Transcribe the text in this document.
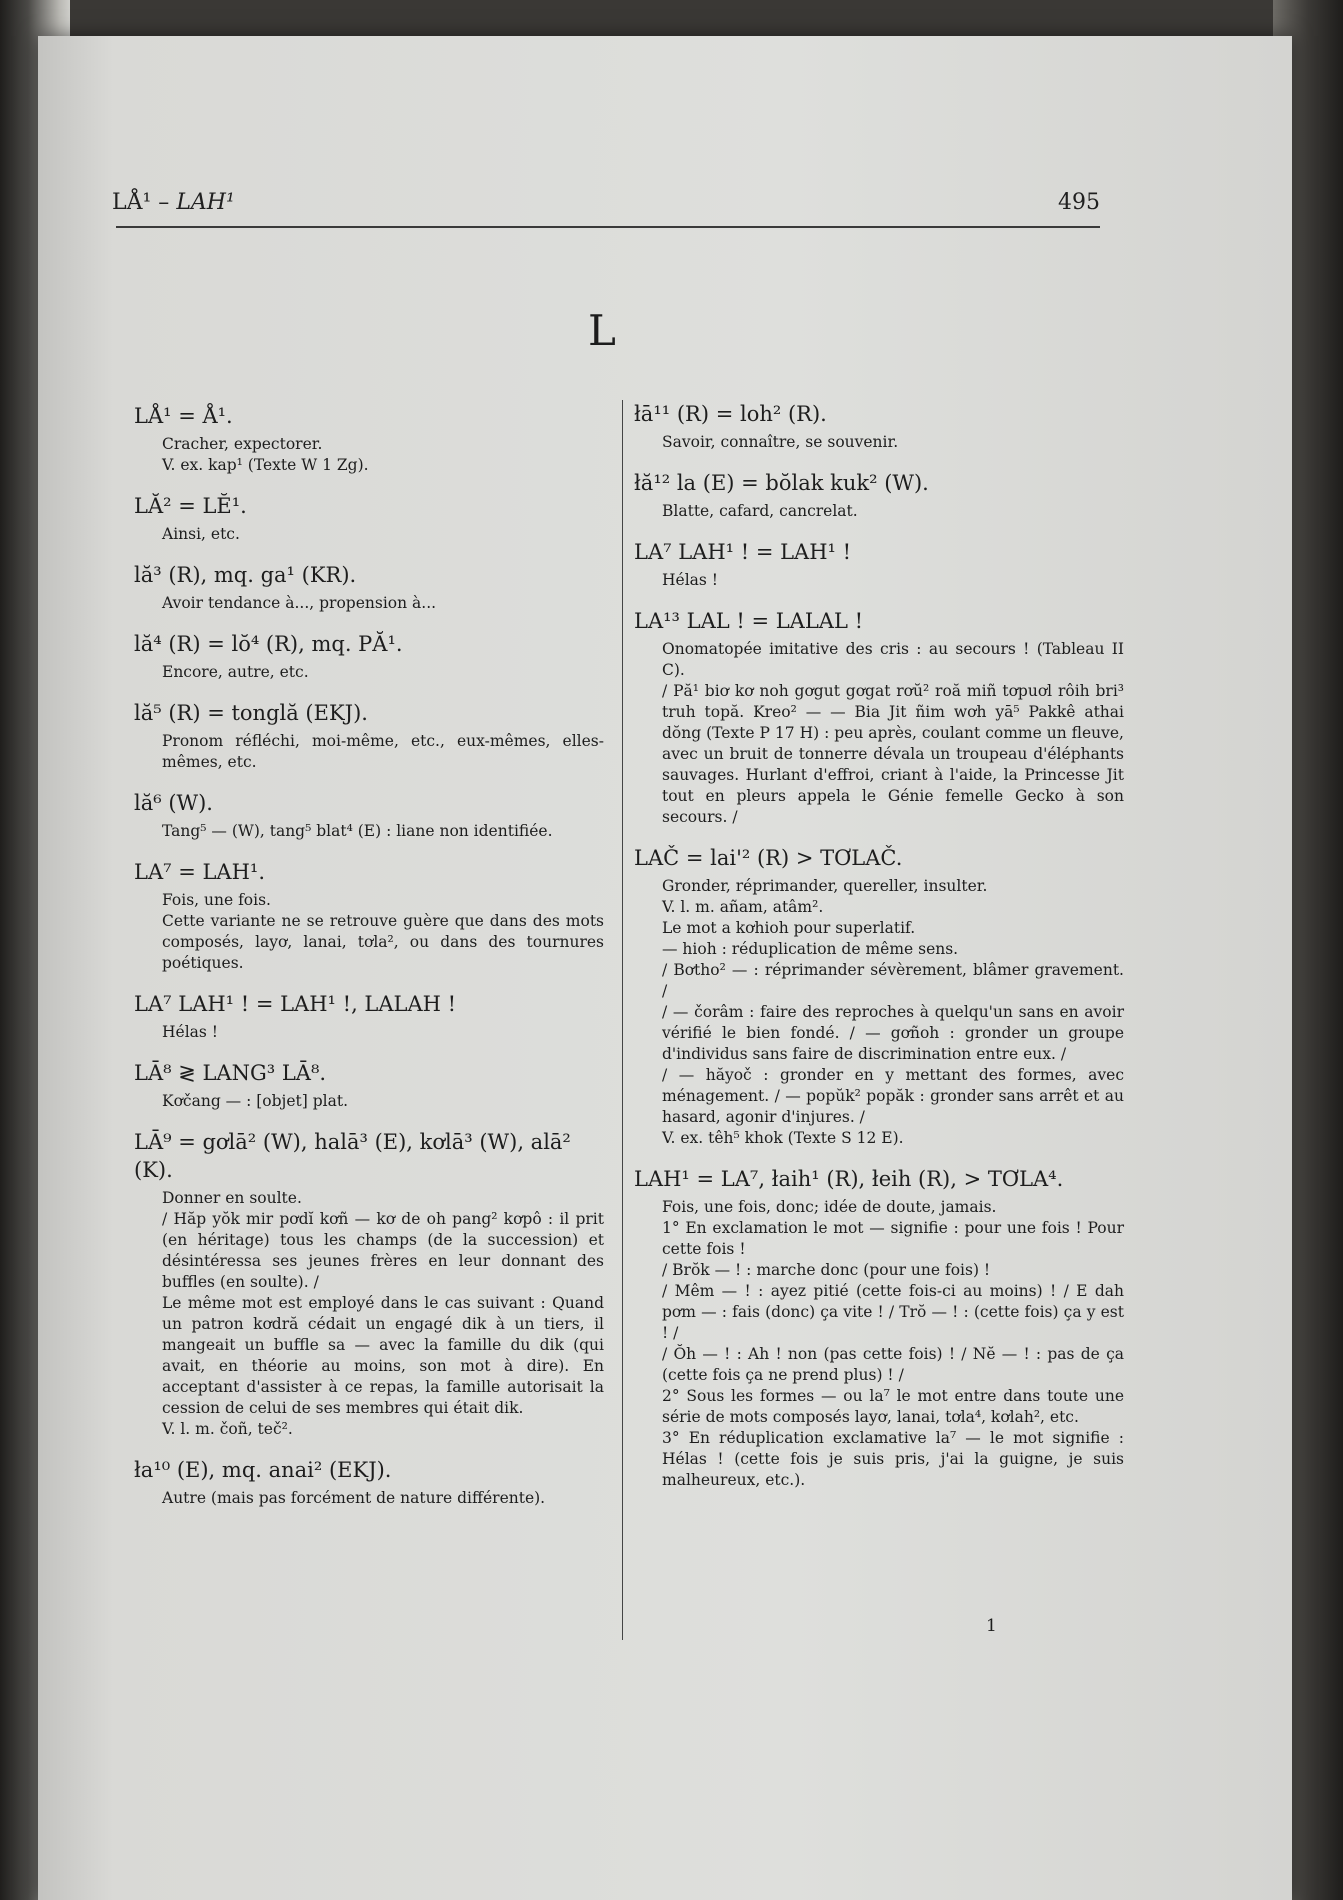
LÅ¹ – LAH¹	495
L
LÅ¹ = Å¹.

Cracher, expectorer.

V. ex. kap¹ (Texte W 1 Zg).

LĂ² = LĔ¹.

Ainsi, etc.

lă³ (R), mq. ga¹ (KR).

Avoir tendance à..., propension à...

lă⁴ (R) = lŏ⁴ (R), mq. PĂ¹.

Encore, autre, etc.

lă⁵ (R) = tonglă (EKJ).

Pronom réfléchi, moi-même, etc., eux-mêmes, elles-mêmes, etc.

lă⁶ (W).

Tang⁵ — (W), tang⁵ blat⁴ (E) : liane non identifiée.

LA⁷ = LAH¹.

Fois, une fois.

Cette variante ne se retrouve guère que dans des mots composés, layơ, lanai, tơla², ou dans des tournures poétiques.

LA⁷ LAH¹ ! = LAH¹ !, LALAH !

Hélas !

LĀ⁸ ≷ LANG³ LĀ⁸.

Kơčang — : [objet] plat.

LĀ⁹ = gơlā² (W), halā³ (E), kơlā³ (W), alā² (K).

Donner en soulte.

/ Hăp yŏk mir pơdĭ kơñ — kơ de oh pang² kơpô : il prit (en héritage) tous les champs (de la succession) et désintéressa ses jeunes frères en leur donnant des buffles (en soulte). /

Le même mot est employé dans le cas suivant : Quand un patron kơdră cédait un engagé dik à un tiers, il mangeait un buffle sa — avec la famille du dik (qui avait, en théorie au moins, son mot à dire). En acceptant d'assister à ce repas, la famille autorisait la cession de celui de ses membres qui était dik.

V. l. m. čoñ, teč².

ła¹⁰ (E), mq. anai² (EKJ).

Autre (mais pas forcément de nature différente).

łā¹¹ (R) = loh² (R).

Savoir, connaître, se souvenir.

łă¹² la (E) = bŏlak kuk² (W).

Blatte, cafard, cancrelat.

LA⁷ LAH¹ ! = LAH¹ !

Hélas !

LA¹³ LAL ! = LALAL !

Onomatopée imitative des cris : au secours ! (Tableau II C).

/ Pă¹ biơ kơ noh gơgut gơgat rơŭ² roă miñ tơpuơl rôih bri³ truh topă. Kreo² — — Bia Jit ñim wơh yā⁵ Pakkê athai dŏng (Texte P 17 H) : peu après, coulant comme un fleuve, avec un bruit de tonnerre dévala un troupeau d'éléphants sauvages. Hurlant d'effroi, criant à l'aide, la Princesse Jit tout en pleurs appela le Génie femelle Gecko à son secours. /

LAČ = lai'² (R) > TƠLAČ.

Gronder, réprimander, quereller, insulter.

V. l. m. añam, atâm².

Le mot a kơhioh pour superlatif.

— hioh : réduplication de même sens.

/ Bơtho² — : réprimander sévèrement, blâmer gravement. /

/ — čorâm : faire des reproches à quelqu'un sans en avoir vérifié le bien fondé. / — gơñoh : gronder un groupe d'individus sans faire de discrimination entre eux. /

/ — hăyoč : gronder en y mettant des formes, avec ménagement. / — popŭk² popăk : gronder sans arrêt et au hasard, agonir d'injures. /

V. ex. têh⁵ khok (Texte S 12 E).

LAH¹ = LA⁷, łaih¹ (R), łeih (R), > TƠLA⁴.

Fois, une fois, donc; idée de doute, jamais.

1° En exclamation le mot — signifie : pour une fois ! Pour cette fois !

/ Brŏk — ! : marche donc (pour une fois) !

/ Mêm — ! : ayez pitié (cette fois-ci au moins) ! / E dah pơm — : fais (donc) ça vite ! / Trŏ — ! : (cette fois) ça y est ! /

/ Ŏh — ! : Ah ! non (pas cette fois) ! / Nĕ — ! : pas de ça (cette fois ça ne prend plus) ! /

2° Sous les formes — ou la⁷ le mot entre dans toute une série de mots composés layơ, lanai, tơla⁴, kơlah², etc.

3° En réduplication exclamative la⁷ — le mot signifie : Hélas ! (cette fois je suis pris, j'ai la guigne, je suis malheureux, etc.).

1
